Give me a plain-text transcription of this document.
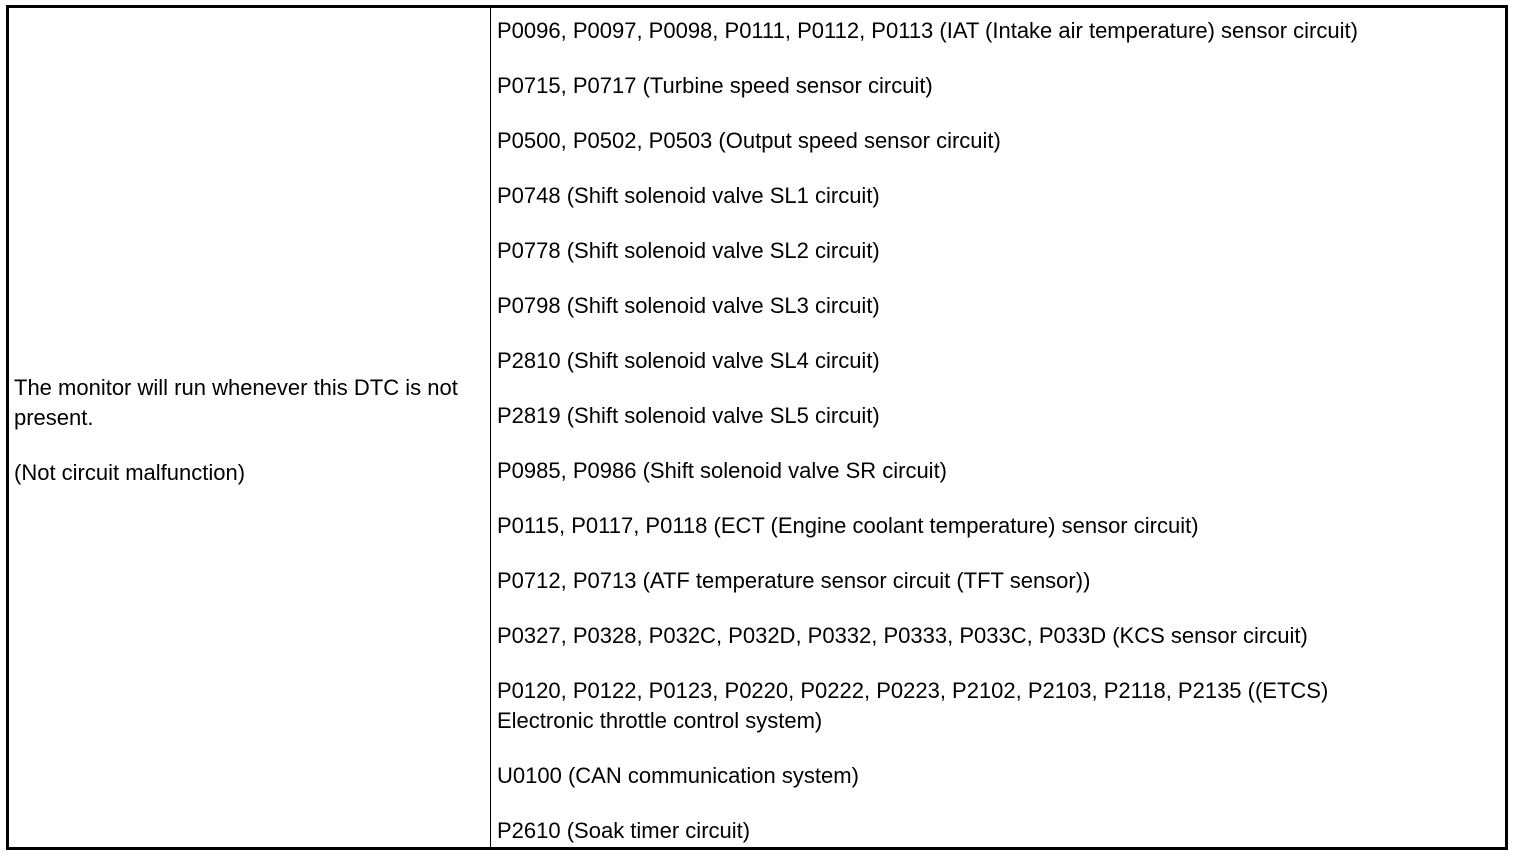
The monitor will run whenever this DTC is not present.

(Not circuit malfunction)

P0096, P0097, P0098, P0111, P0112, P0113 (IAT (Intake air temperature) sensor circuit)

P0715, P0717 (Turbine speed sensor circuit)

P0500, P0502, P0503 (Output speed sensor circuit)

P0748 (Shift solenoid valve SL1 circuit)

P0778 (Shift solenoid valve SL2 circuit)

P0798 (Shift solenoid valve SL3 circuit)

P2810 (Shift solenoid valve SL4 circuit)

P2819 (Shift solenoid valve SL5 circuit)

P0985, P0986 (Shift solenoid valve SR circuit)

P0115, P0117, P0118 (ECT (Engine coolant temperature) sensor circuit)

P0712, P0713 (ATF temperature sensor circuit (TFT sensor))

P0327, P0328, P032C, P032D, P0332, P0333, P033C, P033D (KCS sensor circuit)

P0120, P0122, P0123, P0220, P0222, P0223, P2102, P2103, P2118, P2135 ((ETCS)

Electronic throttle control system)

U0100 (CAN communication system)

P2610 (Soak timer circuit)
